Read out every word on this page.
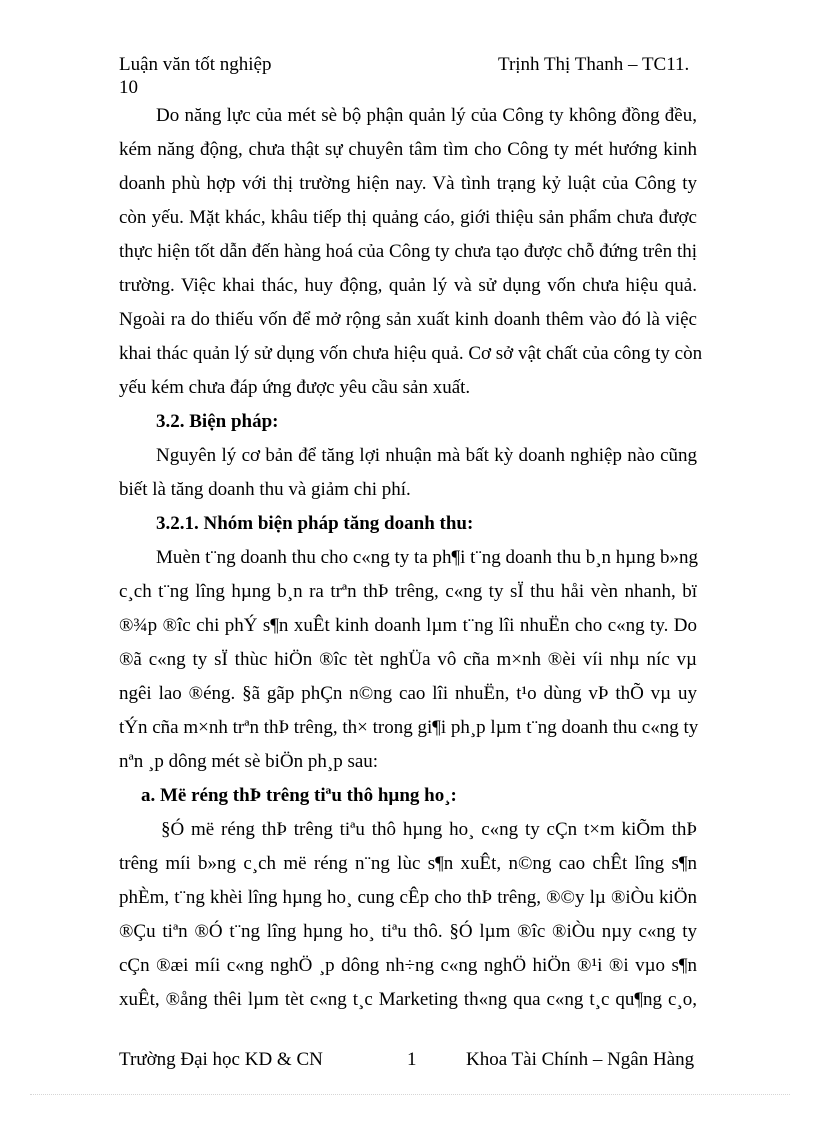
Luận văn tốt nghiệp	Trịnh Thị Thanh – TC11.
10
Do năng lực của mét sè bộ phận quản lý của Công ty không đồng đều,
kém năng động, chưa thật sự chuyên tâm tìm cho Công ty mét hướng kinh
doanh phù hợp với thị trường hiện nay. Và tình trạng kỷ luật của Công ty
còn yếu. Mặt khác, khâu tiếp thị quảng cáo, giới thiệu sản phẩm chưa được
thực hiện tốt dẫn đến hàng hoá của Công ty chưa tạo được chỗ đứng trên thị
trường. Việc khai thác, huy động, quản lý và sử dụng vốn chưa hiệu quả.
Ngoài ra do thiếu vốn để mở rộng sản xuất kinh doanh thêm vào đó là việc
khai thác quản lý sử dụng vốn chưa hiệu quả. Cơ sở vật chất của công ty còn
yếu kém chưa đáp ứng được yêu cầu sản xuất.
3.2. Biện pháp:
Nguyên lý cơ bản để tăng lợi nhuận mà bất kỳ doanh nghiệp nào cũng
biết là tăng doanh thu và giảm chi phí.
3.2.1. Nhóm biện pháp tăng doanh thu:
Muèn t¨ng doanh thu cho c«ng ty ta ph¶i t¨ng doanh thu b¸n hµng b»ng
c¸ch t¨ng lîng hµng b¸n ra trªn thÞ trêng, c«ng ty sÏ thu håi vèn nhanh, bï
®¾p ®îc chi phÝ s¶n xuÊt kinh doanh lµm t¨ng lîi nhuËn cho c«ng ty. Do
®ã c«ng ty sÏ thùc hiÖn ®îc tèt nghÜa vô cña m×nh ®èi víi nhµ níc vµ
ngêi lao ®éng. §ã gãp phÇn n©ng cao lîi nhuËn, t¹o dùng vÞ thÕ vµ uy
tÝn cña m×nh trªn thÞ trêng, th× trong gi¶i ph¸p lµm t¨ng doanh thu c«ng ty
nªn ¸p dông mét sè biÖn ph¸p sau:
a. Më réng thÞ trêng tiªu thô hµng ho¸:
§Ó më réng thÞ trêng tiªu thô hµng ho¸ c«ng ty cÇn t×m kiÕm thÞ
trêng míi b»ng c¸ch më réng n¨ng lùc s¶n xuÊt, n©ng cao chÊt lîng s¶n
phÈm, t¨ng khèi lîng hµng ho¸ cung cÊp cho thÞ trêng, ®©y lµ ®iÒu kiÖn
®Çu tiªn ®Ó t¨ng lîng hµng ho¸ tiªu thô. §Ó lµm ®îc ®iÒu nµy c«ng ty
cÇn ®æi míi c«ng nghÖ ¸p dông nh÷ng c«ng nghÖ hiÖn ®¹i ®i vµo s¶n
xuÊt, ®ång thêi lµm tèt c«ng t¸c Marketing th«ng qua c«ng t¸c qu¶ng c¸o,
Trường Đại học KD & CN	1	Khoa Tài Chính – Ngân Hàng
